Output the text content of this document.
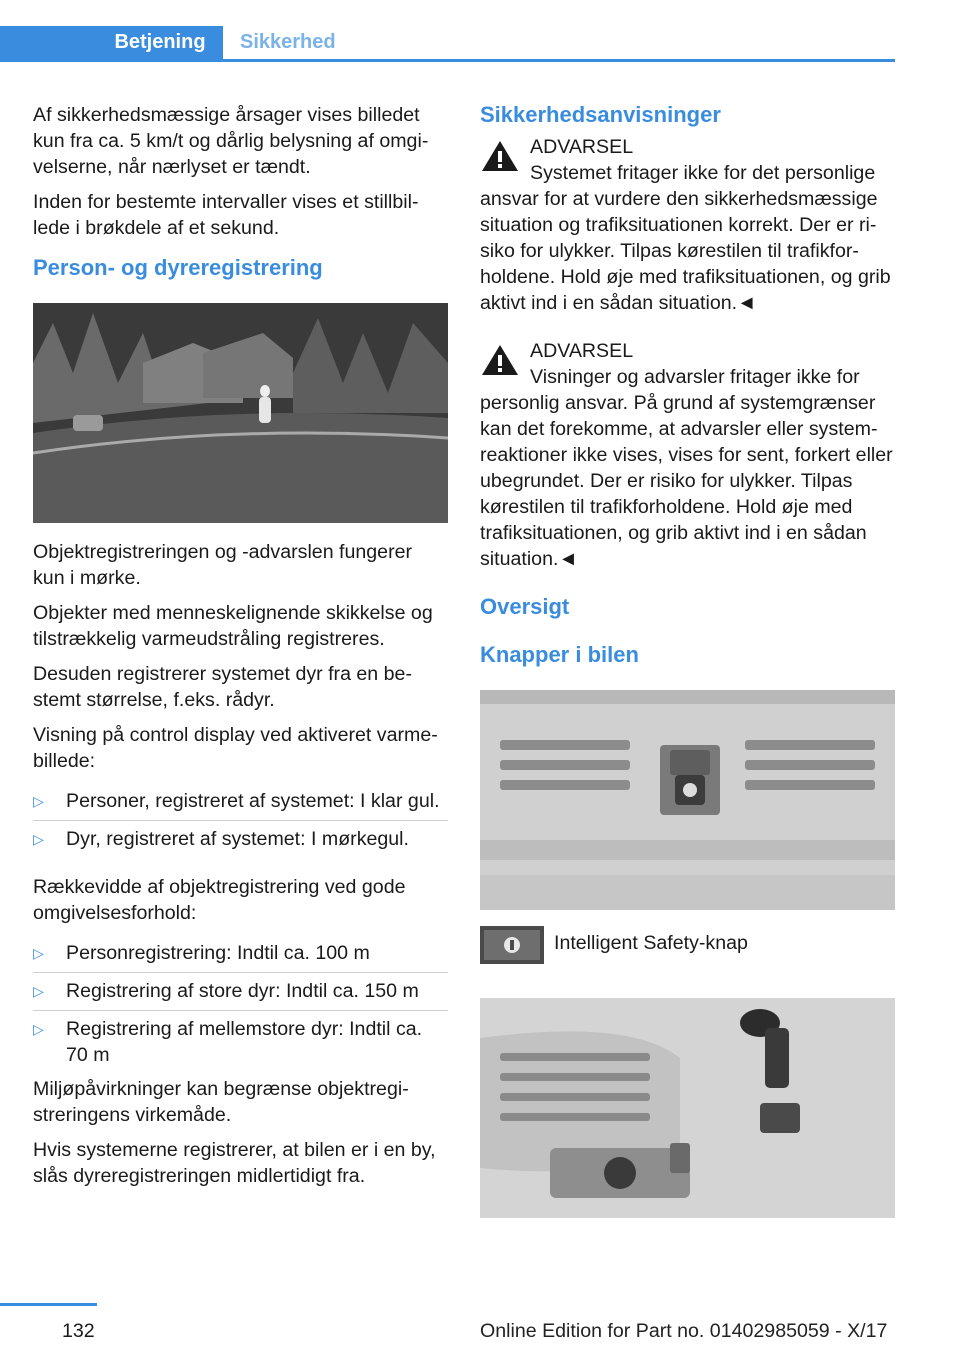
Betjening	Sikkerhed

Af sikkerhedsmæssige årsager vises billedet kun fra ca. 5 km/t og dårlig belysning af omgivelserne, når nærlyset er tændt.

Inden for bestemte intervaller vises et stillbillede i brøkdele af et sekund.

Person- og dyreregistrering

Objektregistreringen og -advarslen fungerer kun i mørke.

Objekter med menneskelignende skikkelse og tilstrækkelig varmeudstråling registreres.

Desuden registrerer systemet dyr fra en bestemt størrelse, f.eks. rådyr.

Visning på control display ved aktiveret varmebillede:

▷ Personer, registreret af systemet: I klar gul.
▷ Dyr, registreret af systemet: I mørkegul.

Rækkevidde af objektregistrering ved gode omgivelsesforhold:

▷ Personregistrering: Indtil ca. 100 m
▷ Registrering af store dyr: Indtil ca. 150 m
▷ Registrering af mellemstore dyr: Indtil ca. 70 m

Miljøpåvirkninger kan begrænse objektregistreringens virkemåde.

Hvis systemerne registrerer, at bilen er i en by, slås dyreregistreringen midlertidigt fra.

Sikkerhedsanvisninger
ADVARSEL
Systemet fritager ikke for det personlige ansvar for at vurdere den sikkerhedsmæssige situation og trafiksituationen korrekt. Der er risiko for ulykker. Tilpas kørestilen til trafikforholdene. Hold øje med trafiksituationen, og grib aktivt ind i en sådan situation.◄
ADVARSEL
Visninger og advarsler fritager ikke for personlig ansvar. På grund af systemgrænser kan det forekomme, at advarsler eller systemreaktioner ikke vises, vises for sent, forkert eller ubegrundet. Der er risiko for ulykker. Tilpas kørestilen til trafikforholdene. Hold øje med trafiksituationen, og grib aktivt ind i en sådan situation.◄
Oversigt
Knapper i bilen
Intelligent Safety-knap
132	Online Edition for Part no. 01402985059 - X/17
